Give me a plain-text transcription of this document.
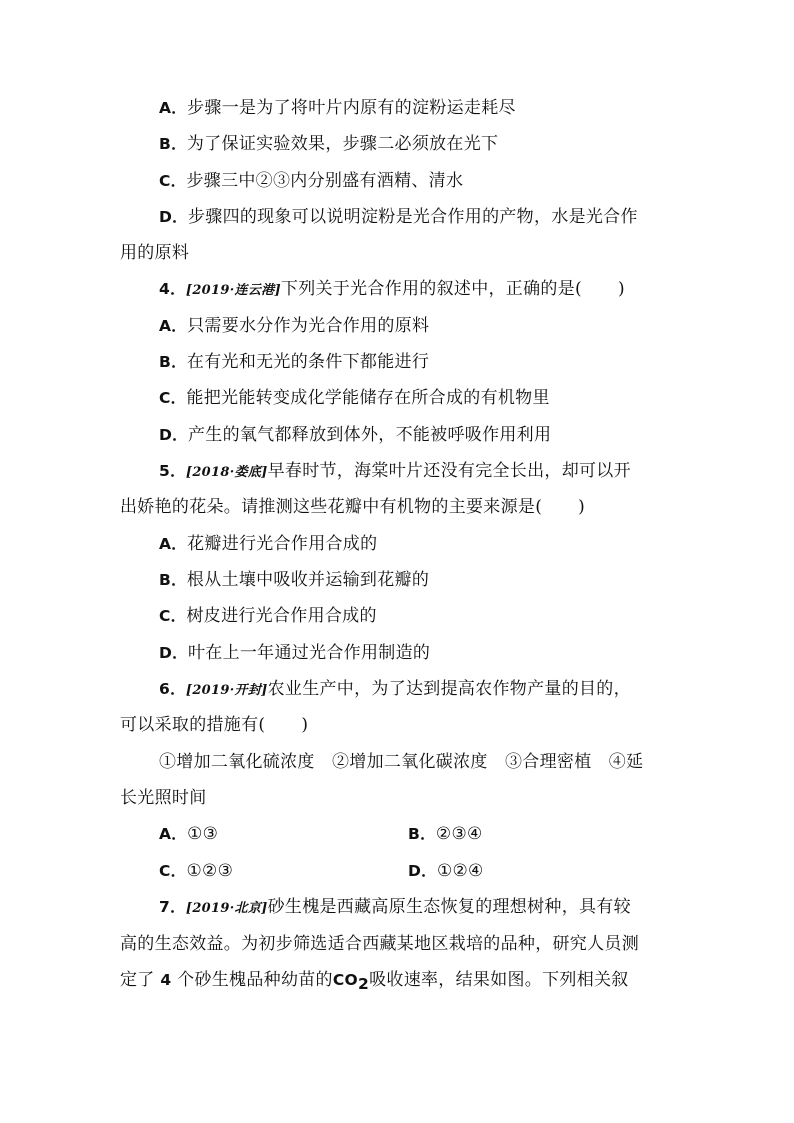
A．步骤一是为了将叶片内原有的淀粉运走耗尽
B．为了保证实验效果，步骤二必须放在光下
C．步骤三中②③内分别盛有酒精、清水
D．步骤四的现象可以说明淀粉是光合作用的产物，水是光合作
用的原料
4．[2019·连云港]下列关于光合作用的叙述中，正确的是( )
A．只需要水分作为光合作用的原料
B．在有光和无光的条件下都能进行
C．能把光能转变成化学能储存在所合成的有机物里
D．产生的氧气都释放到体外，不能被呼吸作用利用
5．[2018·娄底]早春时节，海棠叶片还没有完全长出，却可以开
出娇艳的花朵。请推测这些花瓣中有机物的主要来源是( )
A．花瓣进行光合作用合成的
B．根从土壤中吸收并运输到花瓣的
C．树皮进行光合作用合成的
D．叶在上一年通过光合作用制造的
6．[2019·开封]农业生产中，为了达到提高农作物产量的目的，
可以采取的措施有( )
①增加二氧化硫浓度　②增加二氧化碳浓度　③合理密植　④延
长光照时间
A．①③	B．②③④
C．①②③	D．①②④
7．[2019·北京]砂生槐是西藏高原生态恢复的理想树种，具有较
高的生态效益。为初步筛选适合西藏某地区栽培的品种，研究人员测
定了 4 个砂生槐品种幼苗的CO2吸收速率，结果如图。下列相关叙
